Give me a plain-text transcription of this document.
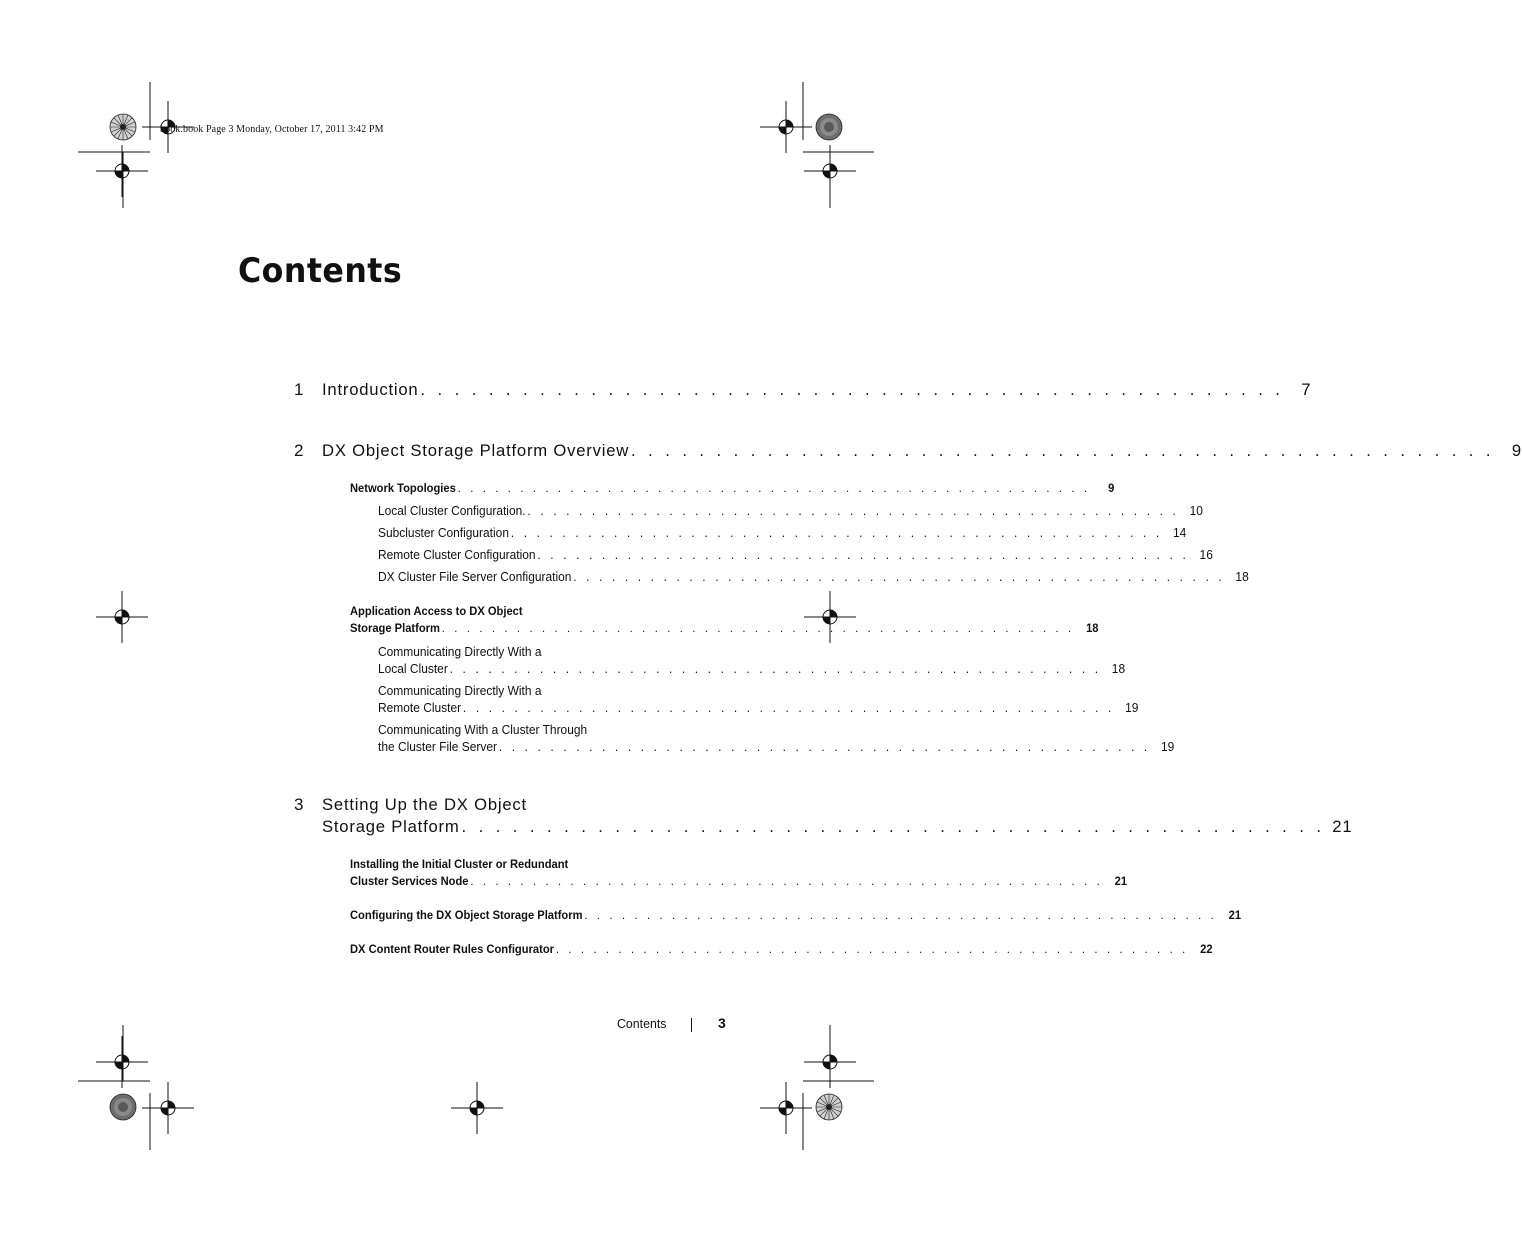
book.book Page 3 Monday, October 17, 2011 3:42 PM
Contents
1 Introduction . . . . . . . . . . . . . . . . . . . . . . . . . . . . . . . . . . . . . . . . . . . . . . . . . . .	7
2 DX Object Storage Platform Overview . . . . . . . . . . . . . . . . . . . . . . . . . . . . . . . . . . . . . . . . . . . . . . . . . . .	9
Network Topologies . . . . . . . . . . . . . . . . . . . . . . . . . . . . . . . . . . . . . . . . . . . . . . . . . . .	9
Local Cluster Configuration. . . . . . . . . . . . . . . . . . . . . . . . . . . . . . . . . . . . . . . . . . . . . . . . . . . . 10
Subcluster Configuration . . . . . . . . . . . . . . . . . . . . . . . . . . . . . . . . . . . . . . . . . . . . . . . . . . . 14
Remote Cluster Configuration . . . . . . . . . . . . . . . . . . . . . . . . . . . . . . . . . . . . . . . . . . . . . . . . . . . 16
DX Cluster File Server Configuration . . . . . . . . . . . . . . . . . . . . . . . . . . . . . . . . . . . . . . . . . . . . . . . . . . . 18
Application Access to DX Object
Storage Platform . . . . . . . . . . . . . . . . . . . . . . . . . . . . . . . . . . . . . . . . . . . . . . . . . . . 18
Communicating Directly With a
Local Cluster . . . . . . . . . . . . . . . . . . . . . . . . . . . . . . . . . . . . . . . . . . . . . . . . . . . 18
Communicating Directly With a
Remote Cluster . . . . . . . . . . . . . . . . . . . . . . . . . . . . . . . . . . . . . . . . . . . . . . . . . . . 19
Communicating With a Cluster Through
the Cluster File Server . . . . . . . . . . . . . . . . . . . . . . . . . . . . . . . . . . . . . . . . . . . . . . . . . . . 19
3 Setting Up the DX Object
Storage Platform . . . . . . . . . . . . . . . . . . . . . . . . . . . . . . . . . . . . . . . . . . . . . . . . . . . 21
Installing the Initial Cluster or Redundant
Cluster Services Node . . . . . . . . . . . . . . . . . . . . . . . . . . . . . . . . . . . . . . . . . . . . . . . . . . . 21
Configuring the DX Object Storage Platform . . . . . . . . . . . . . . . . . . . . . . . . . . . . . . . . . . . . . . . . . . . . . . . . . . . 21
DX Content Router Rules Configurator . . . . . . . . . . . . . . . . . . . . . . . . . . . . . . . . . . . . . . . . . . . . . . . . . . . 22
Contents	3
